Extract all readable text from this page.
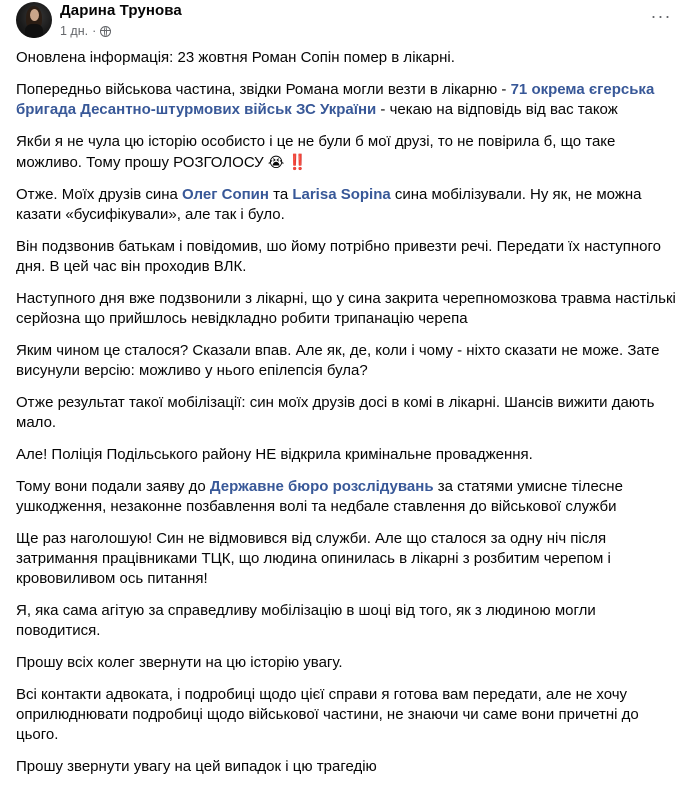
Дарина Трунова
1 дн. ·
···

Оновлена інформація: 23 жовтня Роман Сопін помер в лікарні.

Попередньо військова частина, звідки Романа могли везти в лікарню - 71 окрема єгерська бригада Десантно-штурмових військ ЗС України - чекаю на відповідь від вас також

Якби я не чула цю історію особисто і це не були б мої друзі, то не повірила б, що таке можливо. Тому прошу РОЗГОЛОСУ 😭 ‼️

Отже. Моїх друзів сина Олег Сопин та Larisa Sopina сина мобілізували. Ну як, не можна казати «бусифікували», але так і було.

Він подзвонив батькам і повідомив, шо йому потрібно привезти речі. Передати їх наступного дня. В цей час він проходив ВЛК.

Наступного дня вже подзвонили з лікарні, що у сина закрита черепномозкова травма настількі серйозна що прийшлось невідкладно робити трипанацію черепа

Яким чином це сталося? Сказали впав. Але як, де, коли і чому - ніхто сказати не може. Зате висунули версію: можливо у нього епілепсія була?

Отже результат такої мобілізації: син моїх друзів досі в комі в лікарні. Шансів вижити дають мало.

Але! Поліція Подільського району НЕ відкрила кримінальне провадження.

Тому вони подали заяву до Державне бюро розслідувань за статями умисне тілесне ушкодження, незаконне позбавлення волі та недбале ставлення до військової служби

Ще раз наголошую! Син не відмовився від служби. Але що сталося за одну ніч після затримання працівниками ТЦК, що людина опинилась в лікарні з розбитим черепом і крововиливом ось питання!

Я, яка сама агітую за справедливу мобілізацію в шоці від того, як з людиною могли поводитися.

Прошу всіх колег звернути на цю історію увагу.

Всі контакти адвоката, і подробиці щодо цієї справи я готова вам передати, але не хочу оприлюднювати подробиці щодо військової частини, не знаючи чи саме вони причетні до цього.

Прошу звернути увагу на цей випадок і цю трагедію
